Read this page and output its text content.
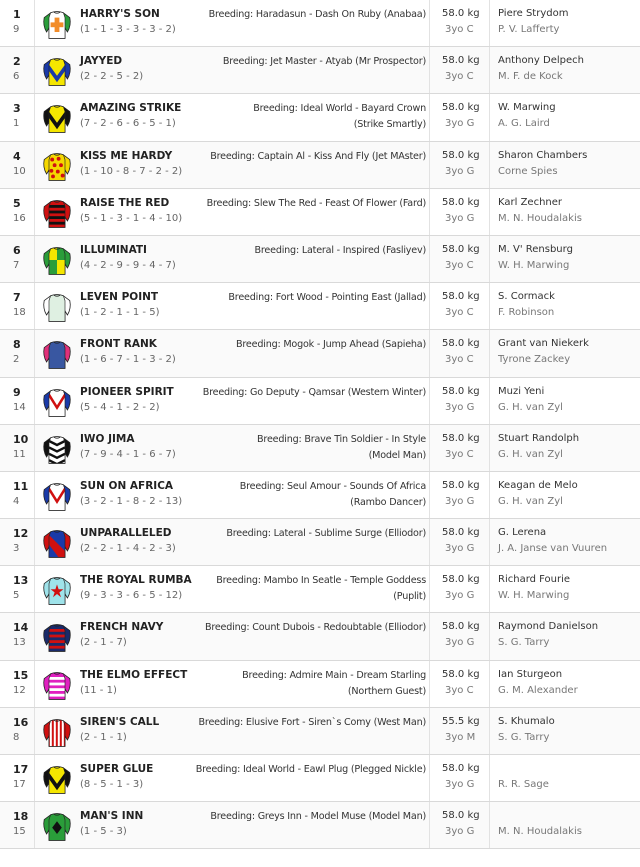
1
9
HARRY'S SON
(1 - 1 - 3 - 3 - 3 - 2)
Breeding: Haradasun - Dash On Ruby (Anabaa) 58.0 kg
3yo C
Piere Strydom
P. V. Lafferty
2
6
JAYYED
(2 - 2 - 5 - 2)
Breeding: Jet Master - Atyab (Mr Prospector) 58.0 kg
3yo C
Anthony Delpech
M. F. de Kock
3
1
AMAZING STRIKE
(7 - 2 - 6 - 6 - 5 - 1)
Breeding: Ideal World - Bayard Crown
(Strike Smartly)
58.0 kg
3yo G
W. Marwing
A. G. Laird
4
10
KISS ME HARDY
(1 - 10 - 8 - 7 - 2 - 2)
Breeding: Captain Al - Kiss And Fly (Jet MAster) 58.0 kg
3yo G
Sharon Chambers
Corne Spies
5
16
RAISE THE RED
(5 - 1 - 3 - 1 - 4 - 10)
Breeding: Slew The Red - Feast Of Flower (Fard) 58.0 kg
3yo G
Karl Zechner
M. N. Houdalakis
6
7
ILLUMINATI
(4 - 2 - 9 - 9 - 4 - 7)
Breeding: Lateral - Inspired (Fasliyev) 58.0 kg
3yo C
M. V' Rensburg
W. H. Marwing
7
18
LEVEN POINT
(1 - 2 - 1 - 1 - 5)
Breeding: Fort Wood - Pointing East (Jallad) 58.0 kg
3yo C
S. Cormack
F. Robinson
8
2
FRONT RANK
(1 - 6 - 7 - 1 - 3 - 2)
Breeding: Mogok - Jump Ahead (Sapieha) 58.0 kg
3yo C
Grant van Niekerk
Tyrone Zackey
9
14
PIONEER SPIRIT
(5 - 4 - 1 - 2 - 2)
Breeding: Go Deputy - Qamsar (Western Winter) 58.0 kg
3yo G
Muzi Yeni
G. H. van Zyl
10
11
IWO JIMA
(7 - 9 - 4 - 1 - 6 - 7)
Breeding: Brave Tin Soldier - In Style
(Model Man)
58.0 kg
3yo C
Stuart Randolph
G. H. van Zyl
11
4
SUN ON AFRICA
(3 - 2 - 1 - 8 - 2 - 13)
Breeding: Seul Amour - Sounds Of Africa
(Rambo Dancer)
58.0 kg
3yo G
Keagan de Melo
G. H. van Zyl
12
3
UNPARALLELED
(2 - 2 - 1 - 4 - 2 - 3)
Breeding: Lateral - Sublime Surge (Elliodor) 58.0 kg
3yo G
G. Lerena
J. A. Janse van Vuuren
13
5
THE ROYAL RUMBA
(9 - 3 - 3 - 6 - 5 - 12)
Breeding: Mambo In Seatle - Temple Goddess
(Puplit)
58.0 kg
3yo G
Richard Fourie
W. H. Marwing
14
13
FRENCH NAVY
(2 - 1 - 7)
Breeding: Count Dubois - Redoubtable (Elliodor) 58.0 kg
3yo G
Raymond Danielson
S. G. Tarry
15
12
THE ELMO EFFECT
(11 - 1)
Breeding: Admire Main - Dream Starling
(Northern Guest)
58.0 kg
3yo C
Ian Sturgeon
G. M. Alexander
16
8
SIREN'S CALL
(2 - 1 - 1)
Breeding: Elusive Fort - Siren`s Comy (West Man) 55.5 kg
3yo M
S. Khumalo
S. G. Tarry
17
17
SUPER GLUE
(8 - 5 - 1 - 3)
Breeding: Ideal World - Eawl Plug (Plegged Nickle) 58.0 kg
3yo G R. R. Sage
18
15
MAN'S INN
(1 - 5 - 3)
Breeding: Greys Inn - Model Muse (Model Man) 58.0 kg
3yo G M. N. Houdalakis
